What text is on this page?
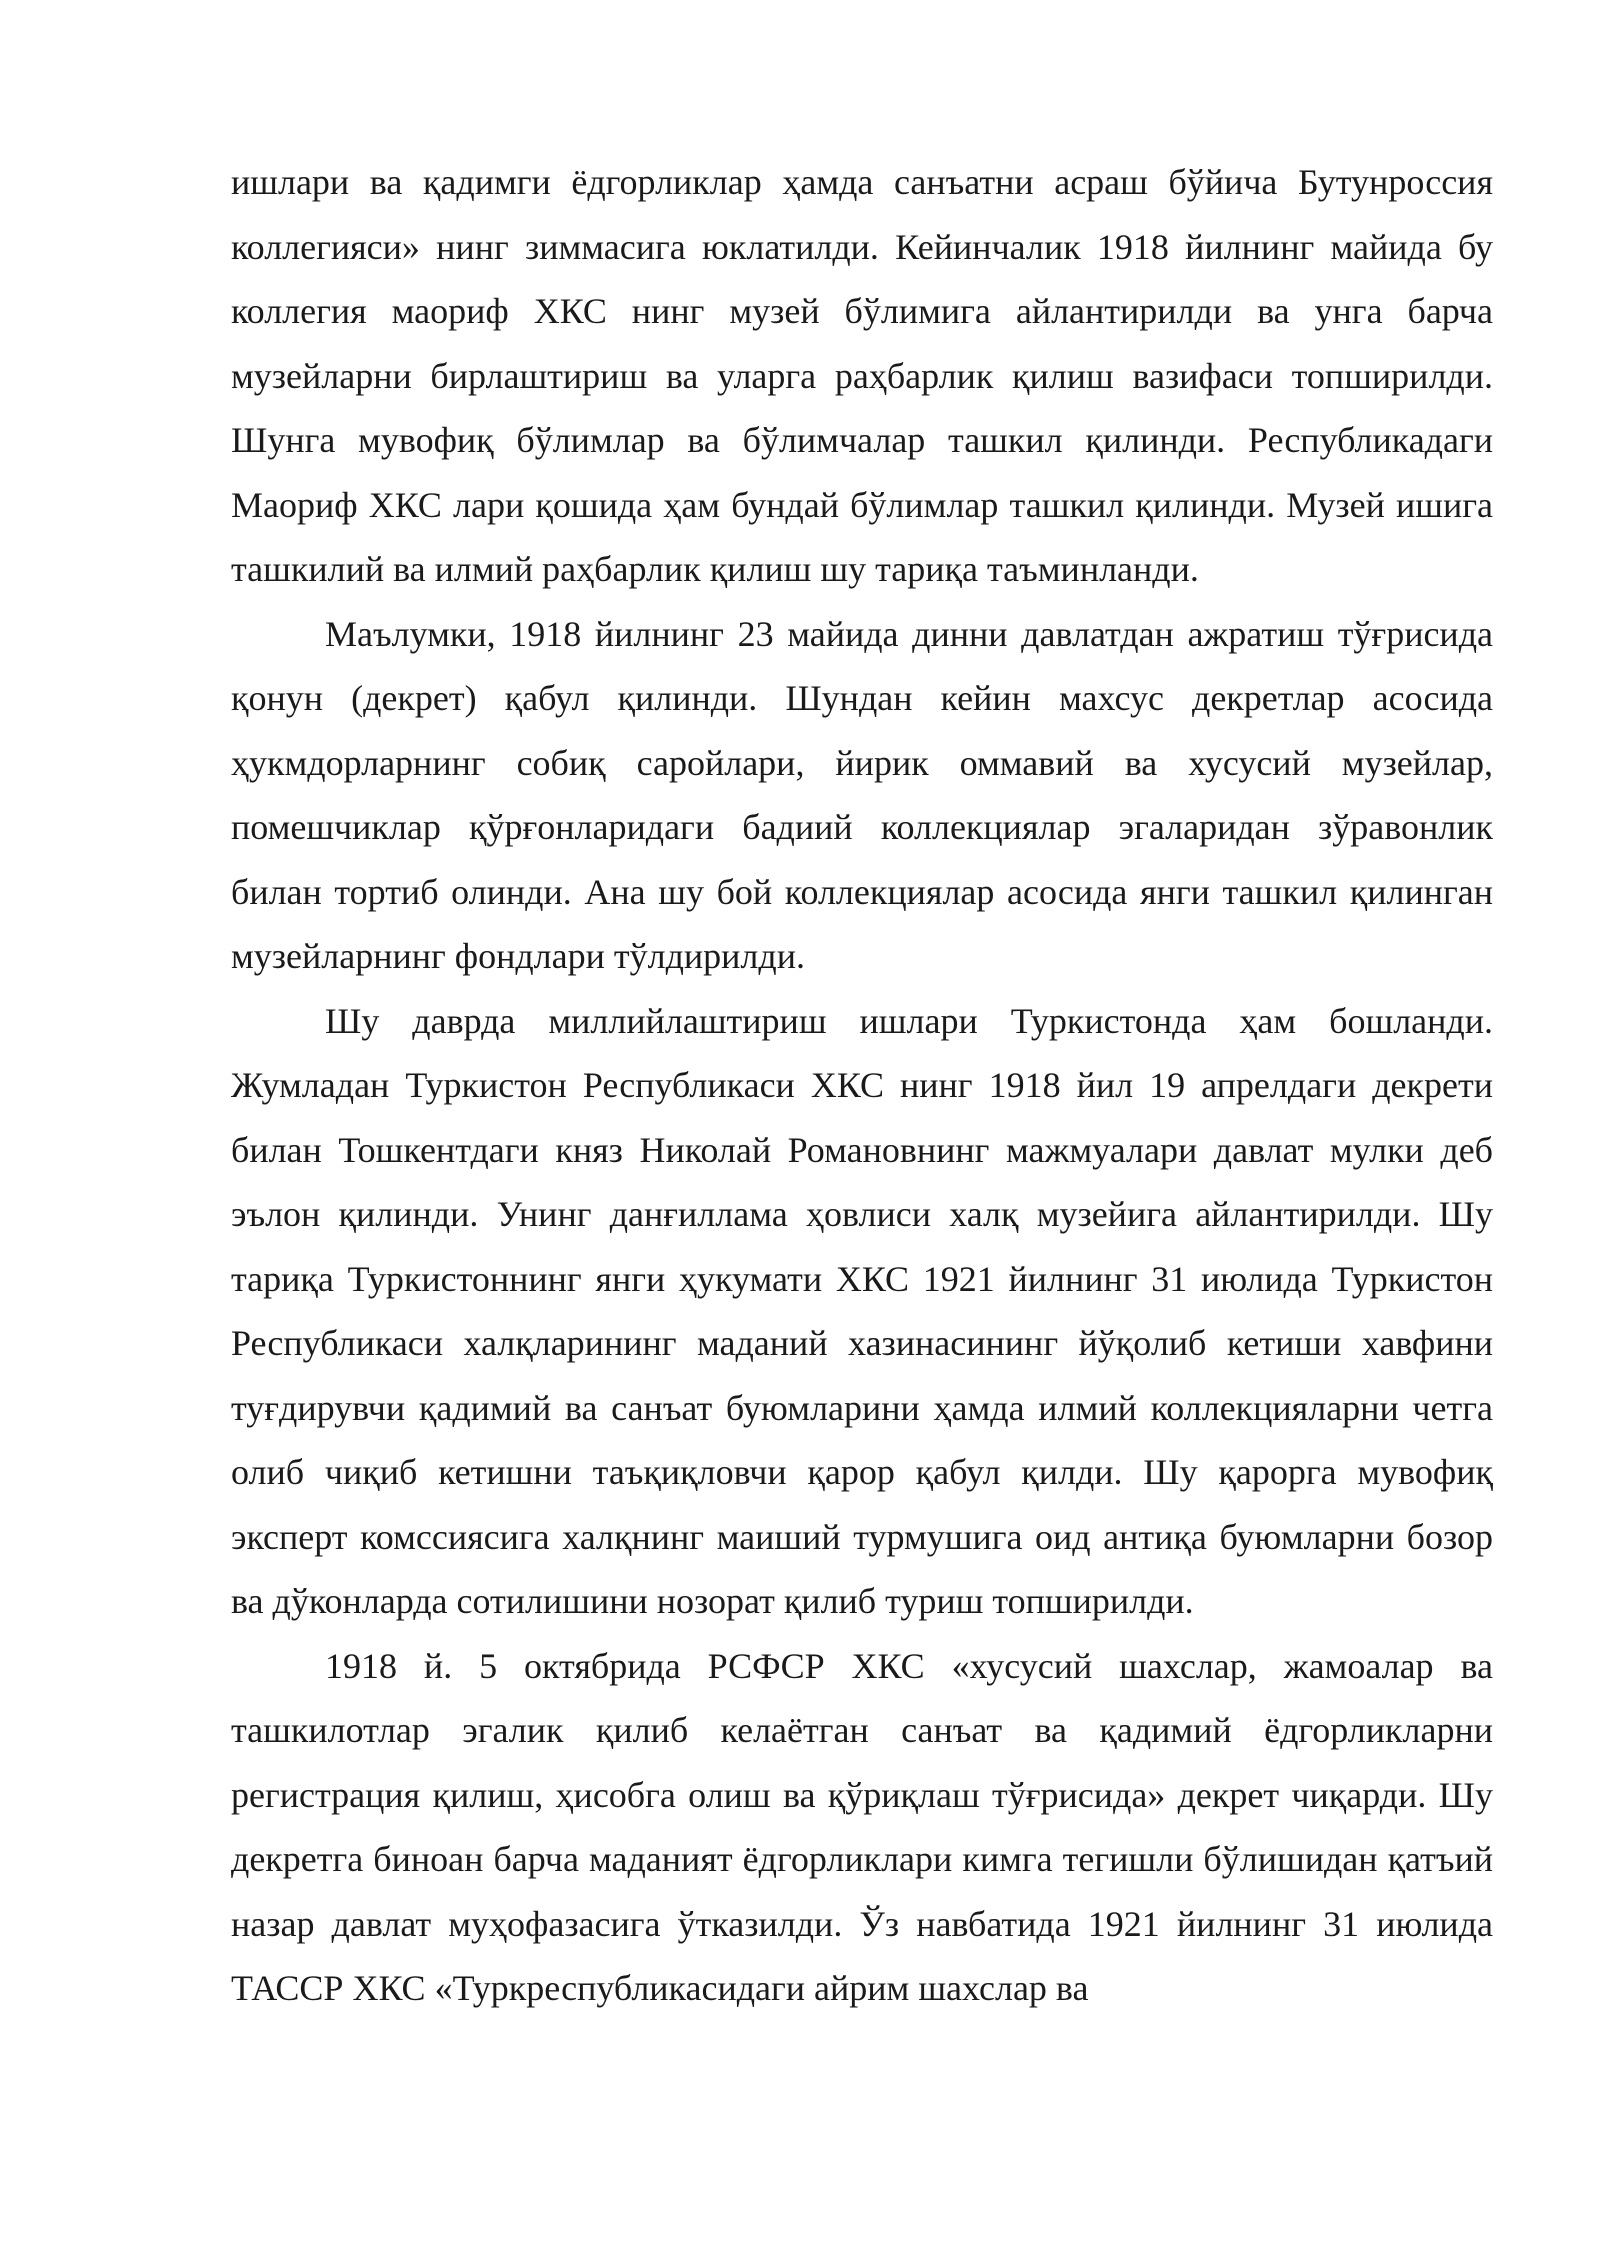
ишлари ва қадимги ёдгорликлар ҳамда санъатни асраш бўйича Бутунроссия коллегияси» нинг зиммасига юклатилди. Кейинчалик 1918 йилнинг майида бу коллегия маориф ХКС нинг музей бўлимига айлантирилди ва унга барча музейларни бирлаштириш ва уларга раҳбарлик қилиш вазифаси топширилди. Шунга мувофиқ бўлимлар ва бўлимчалар ташкил қилинди. Республикадаги Маориф ХКС лари қошида ҳам бундай бўлимлар ташкил қилинди. Музей ишига ташкилий ва илмий раҳбарлик қилиш шу тариқа таъминланди.

Маълумки, 1918 йилнинг 23 майида динни давлатдан ажратиш тўғрисида қонун (декрет) қабул қилинди. Шундан кейин махсус декретлар асосида ҳукмдорларнинг собиқ саройлари, йирик оммавий ва хусусий музейлар, помешчиклар қўрғонларидаги бадиий коллекциялар эгаларидан зўравонлик билан тортиб олинди. Ана шу бой коллекциялар асосида янги ташкил қилинган музейларнинг фондлари тўлдирилди.

Шу даврда миллийлаштириш ишлари Туркистонда ҳам бошланди. Жумладан Туркистон Республикаси ХКС нинг 1918 йил 19 апрелдаги декрети билан Тошкентдаги княз Николай Романовнинг мажмуалари давлат мулки деб эълон қилинди. Унинг данғиллама ҳовлиси халқ музейига айлантирилди. Шу тариқа Туркистоннинг янги ҳукумати ХКС 1921 йилнинг 31 июлида Туркистон Республикаси халқларининг маданий хазинасининг йўқолиб кетиши хавфини туғдирувчи қадимий ва санъат буюмларини ҳамда илмий коллекцияларни четга олиб чиқиб кетишни таъқиқловчи қарор қабул қилди. Шу қарорга мувофиқ эксперт комссиясига халқнинг маиший турмушига оид антиқа буюмларни бозор ва дўконларда сотилишини нозорат қилиб туриш топширилди.

1918 й. 5 октябрида РСФСР ХКС «хусусий шахслар, жамоалар ва ташкилотлар эгалик қилиб келаётган санъат ва қадимий ёдгорликларни регистрация қилиш, ҳисобга олиш ва қўриқлаш тўғрисида» декрет чиқарди. Шу декретга биноан барча маданият ёдгорликлари кимга тегишли бўлишидан қатъий назар давлат муҳофазасига ўтказилди. Ўз навбатида 1921 йилнинг 31 июлида ТАССР ХКС «Туркреспубликасидаги айрим шахслар ва
